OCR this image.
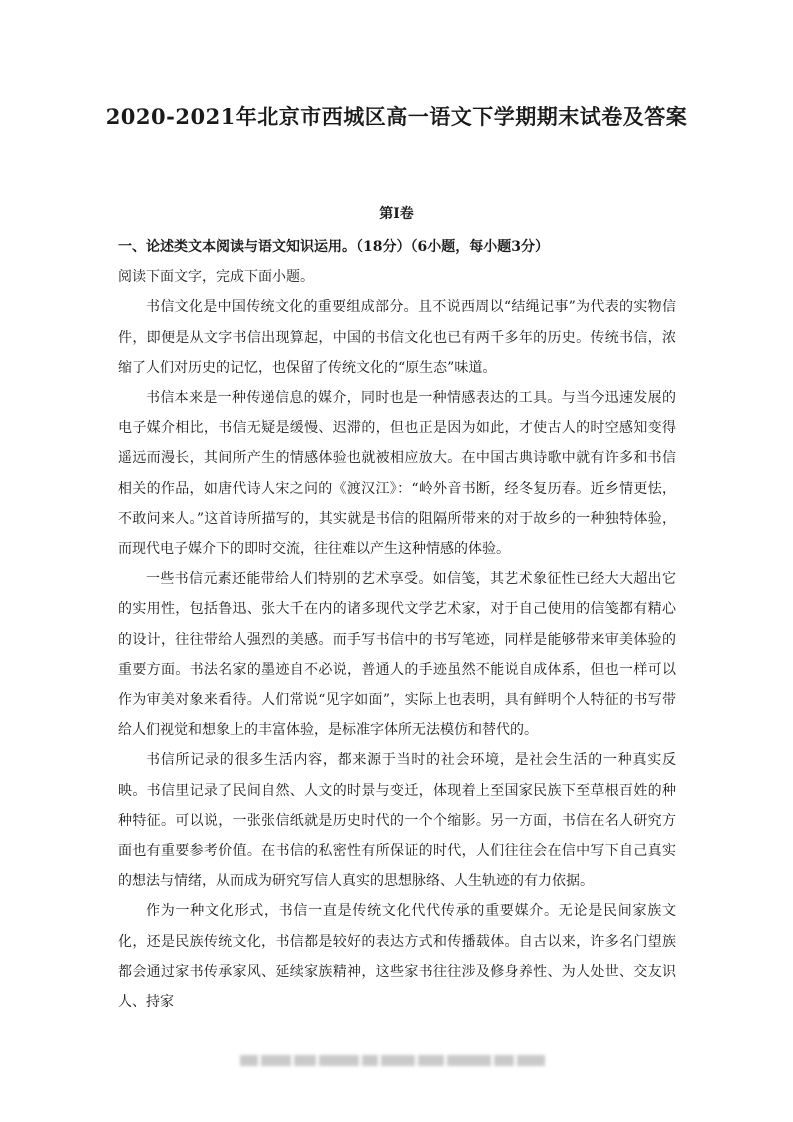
2020-2021年北京市西城区高一语文下学期期末试卷及答案
第Ⅰ卷

一、论述类文本阅读与语文知识运用。（18分）（6小题，每小题3分）

阅读下面文字，完成下面小题。

书信文化是中国传统文化的重要组成部分。且不说西周以“结绳记事”为代表的实物信件，即便是从文字书信出现算起，中国的书信文化也已有两千多年的历史。传统书信，浓缩了人们对历史的记忆，也保留了传统文化的“原生态”味道。

书信本来是一种传递信息的媒介，同时也是一种情感表达的工具。与当今迅速发展的电子媒介相比，书信无疑是缓慢、迟滞的，但也正是因为如此，才使古人的时空感知变得遥远而漫长，其间所产生的情感体验也就被相应放大。在中国古典诗歌中就有许多和书信相关的作品，如唐代诗人宋之问的《渡汉江》：“岭外音书断，经冬复历春。近乡情更怯，不敢问来人。”这首诗所描写的，其实就是书信的阻隔所带来的对于故乡的一种独特体验，而现代电子媒介下的即时交流，往往难以产生这种情感的体验。

一些书信元素还能带给人们特别的艺术享受。如信笺，其艺术象征性已经大大超出它的实用性，包括鲁迅、张大千在内的诸多现代文学艺术家，对于自己使用的信笺都有精心的设计，往往带给人强烈的美感。而手写书信中的书写笔迹，同样是能够带来审美体验的重要方面。书法名家的墨迹自不必说，普通人的手迹虽然不能说自成体系，但也一样可以作为审美对象来看待。人们常说“见字如面”，实际上也表明，具有鲜明个人特征的书写带给人们视觉和想象上的丰富体验，是标准字体所无法模仿和替代的。

书信所记录的很多生活内容，都来源于当时的社会环境，是社会生活的一种真实反映。书信里记录了民间自然、人文的时景与变迁，体现着上至国家民族下至草根百姓的种种特征。可以说，一张张信纸就是历史时代的一个个缩影。另一方面，书信在名人研究方面也有重要参考价值。在书信的私密性有所保证的时代，人们往往会在信中写下自己真实的想法与情绪，从而成为研究写信人真实的思想脉络、人生轨迹的有力依据。

作为一种文化形式，书信一直是传统文化代代传承的重要媒介。无论是民间家族文化，还是民族传统文化，书信都是较好的表达方式和传播载体。自古以来，许多名门望族都会通过家书传承家风、延续家族精神，这些家书往往涉及修身养性、为人处世、交友识人、持家
